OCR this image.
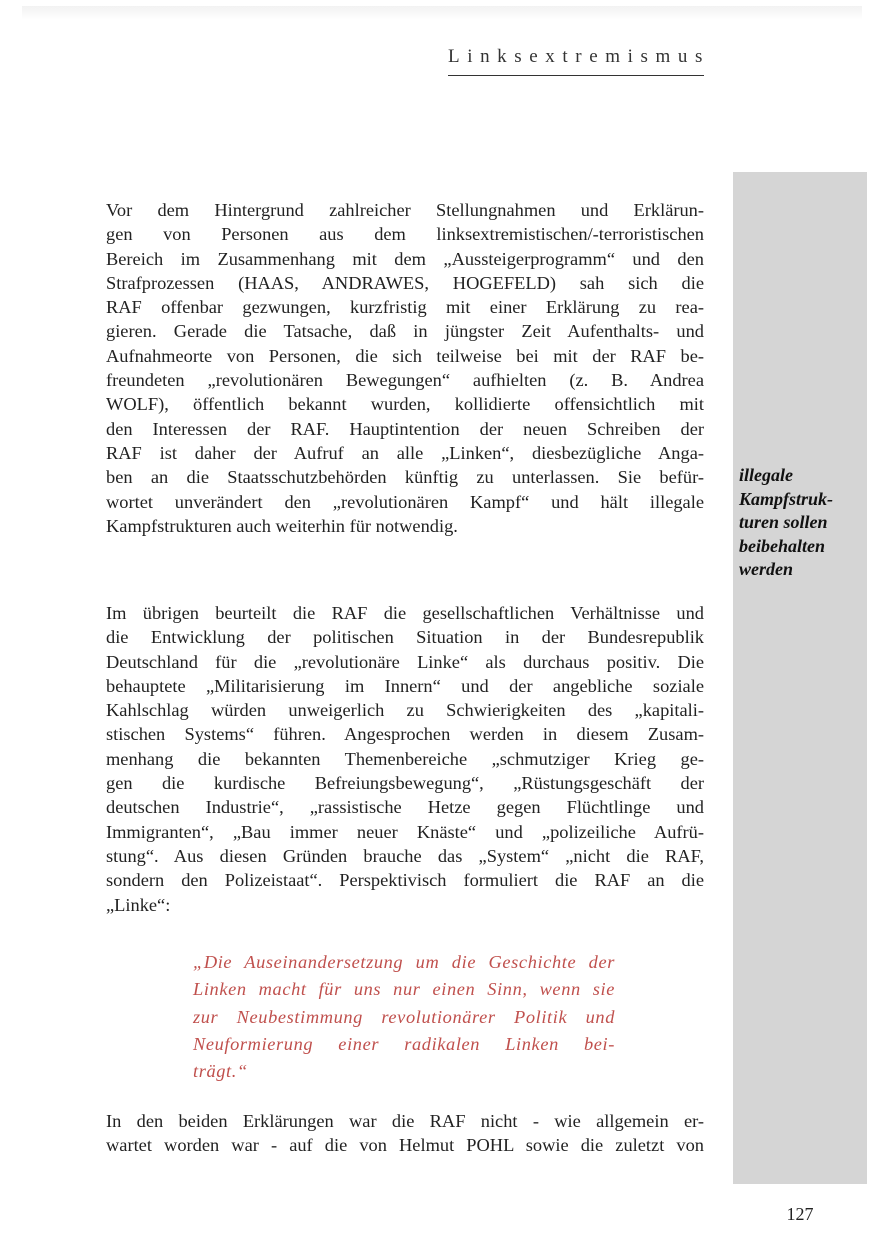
Linksextremismus
illegale
Kampfstruk-
turen sollen
beibehalten
werden
Vor dem Hintergrund zahlreicher Stellungnahmen und Erklärun-
gen von Personen aus dem linksextremistischen/-terroristischen
Bereich im Zusammenhang mit dem „Aussteigerprogramm“ und den
Strafprozessen (HAAS, ANDRAWES, HOGEFELD) sah sich die
RAF offenbar gezwungen, kurzfristig mit einer Erklärung zu rea-
gieren. Gerade die Tatsache, daß in jüngster Zeit Aufenthalts- und
Aufnahmeorte von Personen, die sich teilweise bei mit der RAF be-
freundeten „revolutionären Bewegungen“ aufhielten (z. B. Andrea
WOLF), öffentlich bekannt wurden, kollidierte offensichtlich mit
den Interessen der RAF. Hauptintention der neuen Schreiben der
RAF ist daher der Aufruf an alle „Linken“, diesbezügliche Anga-
ben an die Staatsschutzbehörden künftig zu unterlassen. Sie befür-
wortet unverändert den „revolutionären Kampf“ und hält illegale
Kampfstrukturen auch weiterhin für notwendig.
Im übrigen beurteilt die RAF die gesellschaftlichen Verhältnisse und
die Entwicklung der politischen Situation in der Bundesrepublik
Deutschland für die „revolutionäre Linke“ als durchaus positiv. Die
behauptete „Militarisierung im Innern“ und der angebliche soziale
Kahlschlag würden unweigerlich zu Schwierigkeiten des „kapitali-
stischen Systems“ führen. Angesprochen werden in diesem Zusam-
menhang die bekannten Themenbereiche „schmutziger Krieg ge-
gen die kurdische Befreiungsbewegung“, „Rüstungsgeschäft der
deutschen Industrie“, „rassistische Hetze gegen Flüchtlinge und
Immigranten“, „Bau immer neuer Knäste“ und „polizeiliche Aufrü-
stung“. Aus diesen Gründen brauche das „System“ „nicht die RAF,
sondern den Polizeistaat“. Perspektivisch formuliert die RAF an die
„Linke“:
„Die Auseinandersetzung um die Geschichte der
Linken macht für uns nur einen Sinn, wenn sie
zur Neubestimmung revolutionärer Politik und
Neuformierung einer radikalen Linken bei-
trägt.“
In den beiden Erklärungen war die RAF nicht - wie allgemein er-
wartet worden war - auf die von Helmut POHL sowie die zuletzt von
127
